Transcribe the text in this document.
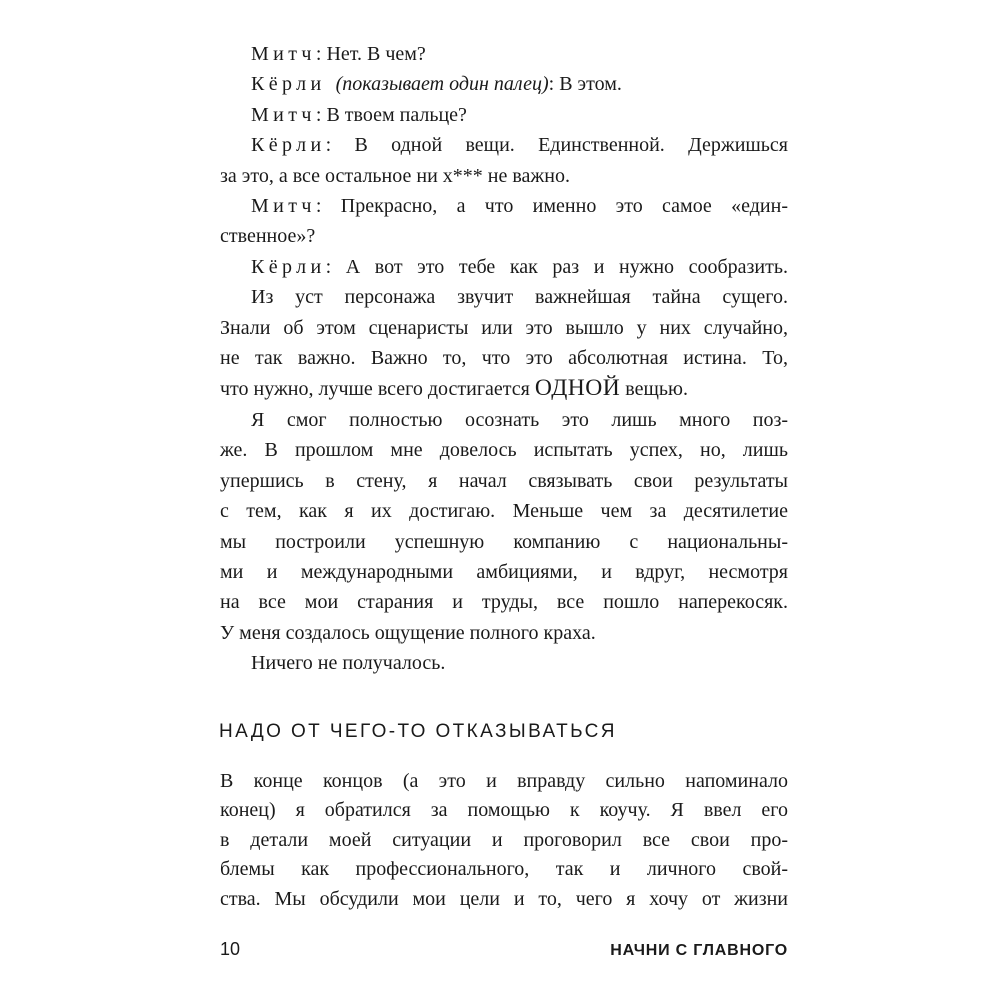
Митч: Нет. В чем?
Кёрли  (показывает один палец): В этом.
Митч: В твоем пальце?
Кёрли: В одной вещи. Единственной. Держишься
за это, а все остальное ни х*** не важно.
Митч: Прекрасно, а что именно это самое «един-
ственное»?
Кёрли: А вот это тебе как раз и нужно сообразить.
Из уст персонажа звучит важнейшая тайна сущего.
Знали об этом сценаристы или это вышло у них случайно,
не так важно. Важно то, что это абсолютная истина. То,
что нужно, лучше всего достигается ОДНОЙ вещью.
Я смог полностью осознать это лишь много поз-
же. В прошлом мне довелось испытать успех, но, лишь
упершись в стену, я начал связывать свои результаты
с тем, как я их достигаю. Меньше чем за десятилетие
мы построили успешную компанию с национальны-
ми и международными амбициями, и вдруг, несмотря
на все мои старания и труды, все пошло наперекосяк.
У меня создалось ощущение полного краха.
Ничего не получалось.
НАДО ОТ ЧЕГО-ТО ОТКАЗЫВАТЬСЯ
В конце концов (а это и вправду сильно напоминало
конец) я обратился за помощью к коучу. Я ввел его
в детали моей ситуации и проговорил все свои про-
блемы как профессионального, так и личного свой-
ства. Мы обсудили мои цели и то, чего я хочу от жизни
10	НАЧНИ С ГЛАВНОГО
